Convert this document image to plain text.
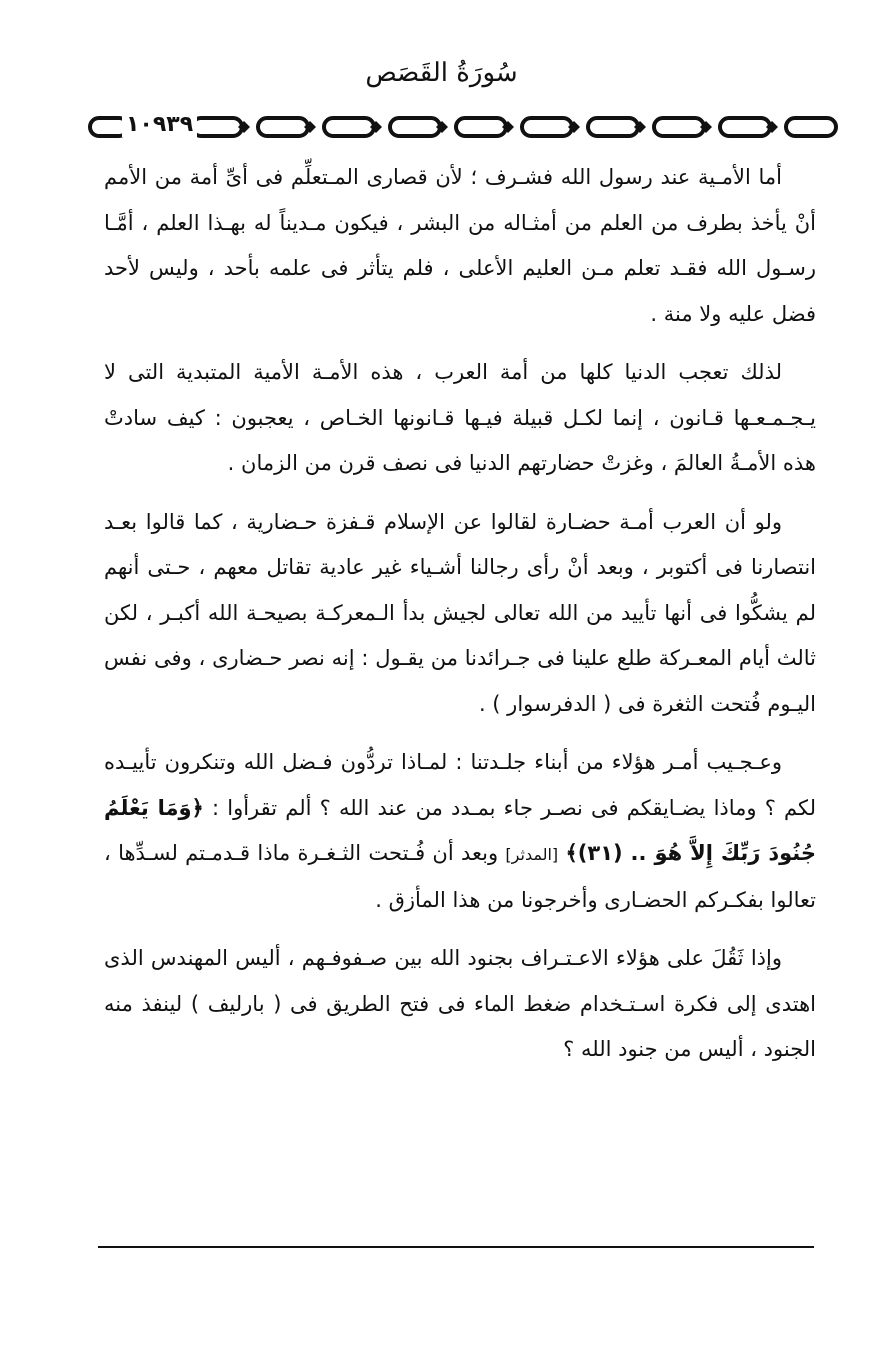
سُورَةُ القَصَص
١٠٩٣٩

أما الأمـية عند رسول الله فشـرف ؛ لأن قصارى المـتعلِّم فى أىِّ أمة من الأمم أنْ يأخذ بطرف من العلم من أمثـاله من البشر ، فيكون مـديناً له بهـذا العلم ، أمَّـا رسـول الله فقـد تعلم مـن العليم الأعلى ، فلم يتأثر فى علمه بأحد ، وليس لأحد فضل عليه ولا منة .

لذلك تعجب الدنيا كلها من أمة العرب ، هذه الأمـة الأمية المتبدية التى لا يـجـمـعـها قـانون ، إنما لكـل قبيلة فيـها قـانونها الخـاص ، يعجبون : كيف سادتْ هذه الأمـةُ العالمَ ، وغزتْ حضارتهم الدنيا فى نصف قرن من الزمان .

ولو أن العرب أمـة حضـارة لقالوا عن الإسلام قـفزة حـضارية ، كما قالوا بعـد انتصارنا فى أكتوبر ، وبعد أنْ رأى رجالنا أشـياء غير عادية تقاتل معهم ، حـتى أنهم لم يشكُّوا فى أنها تأييد من الله تعالى لجيش بدأ الـمعركـة بصيحـة الله أكبـر ، لكن ثالث أيام المعـركة طلع علينا فى جـرائدنا من يقـول : إنه نصر حـضارى ، وفى نفس اليـوم فُتحت الثغرة فى ( الدفرسوار ) .

وعـجـيب أمـر هؤلاء من أبناء جلـدتنا : لمـاذا تردُّون فـضل الله وتنكرون تأييـده لكم ؟ وماذا يضـايقكم فى نصـر جاء بمـدد من عند الله ؟ ألم تقرأوا : ﴿وَمَا يَعْلَمُ جُنُودَ رَبِّكَ إِلاَّ هُوَ .. (٣١)﴾ [المدثر] وبعد أن فُـتحت الثـغـرة ماذا قـدمـتم لسـدِّها ، تعالوا بفكـركم الحضـارى وأخرجونا من هذا المأزق .

وإذا ثَقُلَ على هؤلاء الاعـتـراف بجنود الله بين صـفوفـهم ، أليس المهندس الذى اهتدى إلى فكرة اسـتـخدام ضغط الماء فى فتح الطريق فى ( بارليف ) لينفذ منه الجنود ، أليس من جنود الله ؟
